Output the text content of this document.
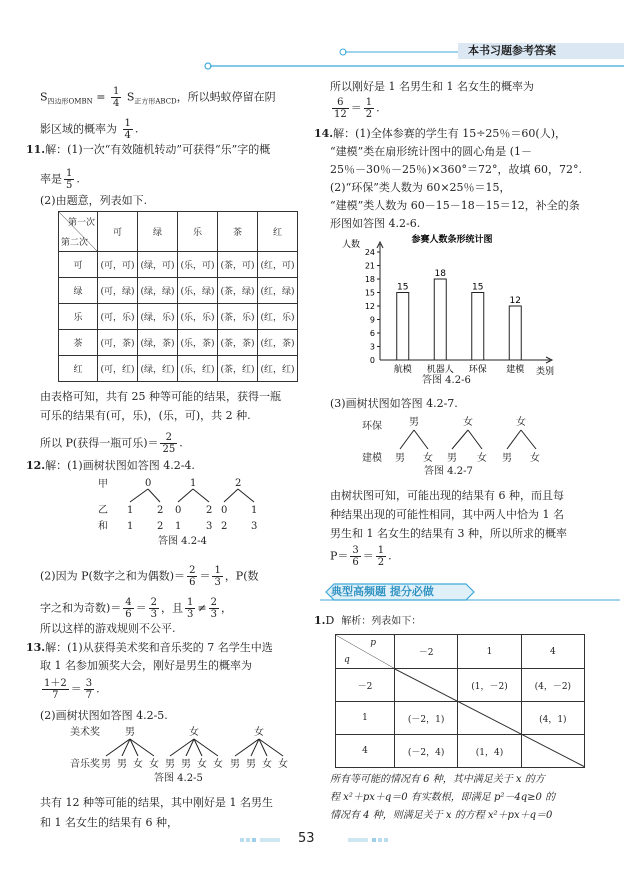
本书习题参考答案
$S_{四边形OMBN} = \frac{1}{4} S_{正方形ABCD}$，所以蚂蚁停留在阴
影区域的概率为 $\frac{1}{4}$ .
11.解：(1)一次“有效随机转动”可获得“乐”字的概
率是 $\frac{1}{5}$ .
(2)由题意，列表如下.
第一次
第二次	可	绿	乐	茶	红
可	(可，可)	(绿，可)	(乐，可)	(茶，可)	(红，可)
绿	(可，绿)	(绿，绿)	(乐，绿)	(茶，绿)	(红，绿)
乐	(可，乐)	(绿，乐)	(乐，乐)	(茶，乐)	(红，乐)
茶	(可，茶)	(绿，茶)	(乐，茶)	(茶，茶)	(红，茶)
红	(可，红)	(绿，红)	(乐，红)	(茶，红)	(红，红)
由表格可知，共有 25 种等可能的结果，获得一瓶
可乐的结果有(可，乐)，(乐，可)，共 2 种.
所以 P(获得一瓶可乐)＝ $\frac{2}{25}$ .
12.解：(1)画树状图如答图 4.2-4.
甲
乙
和
0	1	2
1 2 0 2 0 1
1 2 1 3 2 3
答图 4.2-4
(2)因为 P(数字之和为偶数)＝ $\frac{2}{6} = \frac{1}{3}$ ，P(数
字之和为奇数)＝ $\frac{4}{6} = \frac{2}{3}$ ，且 $\frac{1}{3} \ne \frac{2}{3}$ ，
所以这样的游戏规则不公平.
13.解：(1)从获得美术奖和音乐奖的 7 名学生中选
取 1 名参加颁奖大会，刚好是男生的概率为
$\frac{1+2}{7} = \frac{3}{7}$ .
(2)画树状图如答图 4.2-5.
美术奖	男	女	女
音乐奖 男 男 女 女 男 男 女 女 男 男 女 女
答图 4.2-5
共有 12 种等可能的结果，其中刚好是 1 名男生
和 1 名女生的结果有 6 种，
所以刚好是 1 名男生和 1 名女生的概率为
$\frac{6}{12} = \frac{1}{2}$ .
14.解：(1)全体参赛的学生有 15÷25％＝60(人)，
“建模”类在扇形统计图中的圆心角是 (1－
25％－30％－25％)×360°＝72°，故填 60，72°.
(2)“环保”类人数为 60×25％＝15，
“建模”类人数为 60－15－18－15＝12，补全的条
形图如答图 4.2-6.
参赛人数条形统计图
人数
类别
0
3
6
9
12
15
18
21
24
15
航模
18
机器人
15
环保
12
建模
答图 4.2-6
(3)画树状图如答图 4.2-7.
环保	男	女	女
建模 男 女 男 女 男 女
答图 4.2-7
由树状图可知，可能出现的结果有 6 种，而且每
种结果出现的可能性相同，其中两人中恰为 1 名
男生和 1 名女生的结果有 3 种，所以所求的概率
$P= \frac{3}{6} = \frac{1}{2}$ .
典型高频题 提分必做
1.D 解析：列表如下：
p
q	－2	1	4
－2		(1，－2)	(4，－2)
1	(－2，1)		(4，1)
4	(－2，4)	(1，4)	
所有等可能的情况有 6 种，其中满足关于 x 的方
程 x²＋px＋q＝0 有实数根，即满足 p²－4q≥0 的
情况有 4 种，则满足关于 x 的方程 x²＋px＋q＝0
53
